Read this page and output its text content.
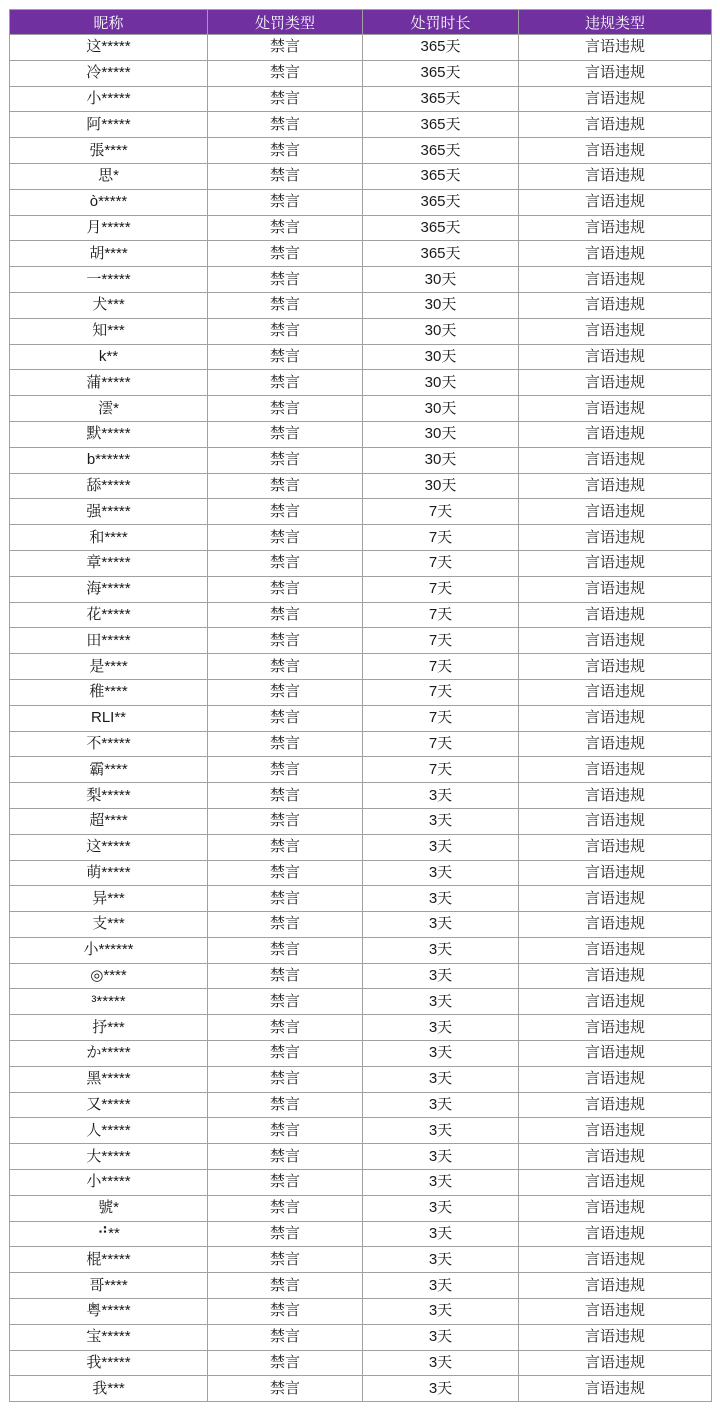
昵称	处罚类型	处罚时长	违规类型
这*****	禁言	365天	言语违规
冷*****	禁言	365天	言语违规
小*****	禁言	365天	言语违规
阿*****	禁言	365天	言语违规
張****	禁言	365天	言语违规
思*	禁言	365天	言语违规
ò*****	禁言	365天	言语违规
月*****	禁言	365天	言语违规
胡****	禁言	365天	言语违规
一*****	禁言	30天	言语违规
犬***	禁言	30天	言语违规
知***	禁言	30天	言语违规
k**	禁言	30天	言语违规
蒲*****	禁言	30天	言语违规
澐*	禁言	30天	言语违规
默*****	禁言	30天	言语违规
b******	禁言	30天	言语违规
舔*****	禁言	30天	言语违规
强*****	禁言	7天	言语违规
和****	禁言	7天	言语违规
章*****	禁言	7天	言语违规
海*****	禁言	7天	言语违规
花*****	禁言	7天	言语违规
田*****	禁言	7天	言语违规
是****	禁言	7天	言语违规
稚****	禁言	7天	言语违规
RLI**	禁言	7天	言语违规
不*****	禁言	7天	言语违规
霸****	禁言	7天	言语违规
梨*****	禁言	3天	言语违规
超****	禁言	3天	言语违规
这*****	禁言	3天	言语违规
萌*****	禁言	3天	言语违规
异***	禁言	3天	言语违规
支***	禁言	3天	言语违规
小******	禁言	3天	言语违规
◎****	禁言	3天	言语违规
³*****	禁言	3天	言语违规
抒***	禁言	3天	言语违规
か*****	禁言	3天	言语违规
黑*****	禁言	3天	言语违规
又*****	禁言	3天	言语违规
人*****	禁言	3天	言语违规
大*****	禁言	3天	言语违规
小*****	禁言	3天	言语违规
號*	禁言	3天	言语违规
⠚**	禁言	3天	言语违规
棍*****	禁言	3天	言语违规
哥****	禁言	3天	言语违规
粤*****	禁言	3天	言语违规
宝*****	禁言	3天	言语违规
我*****	禁言	3天	言语违规
我***	禁言	3天	言语违规
